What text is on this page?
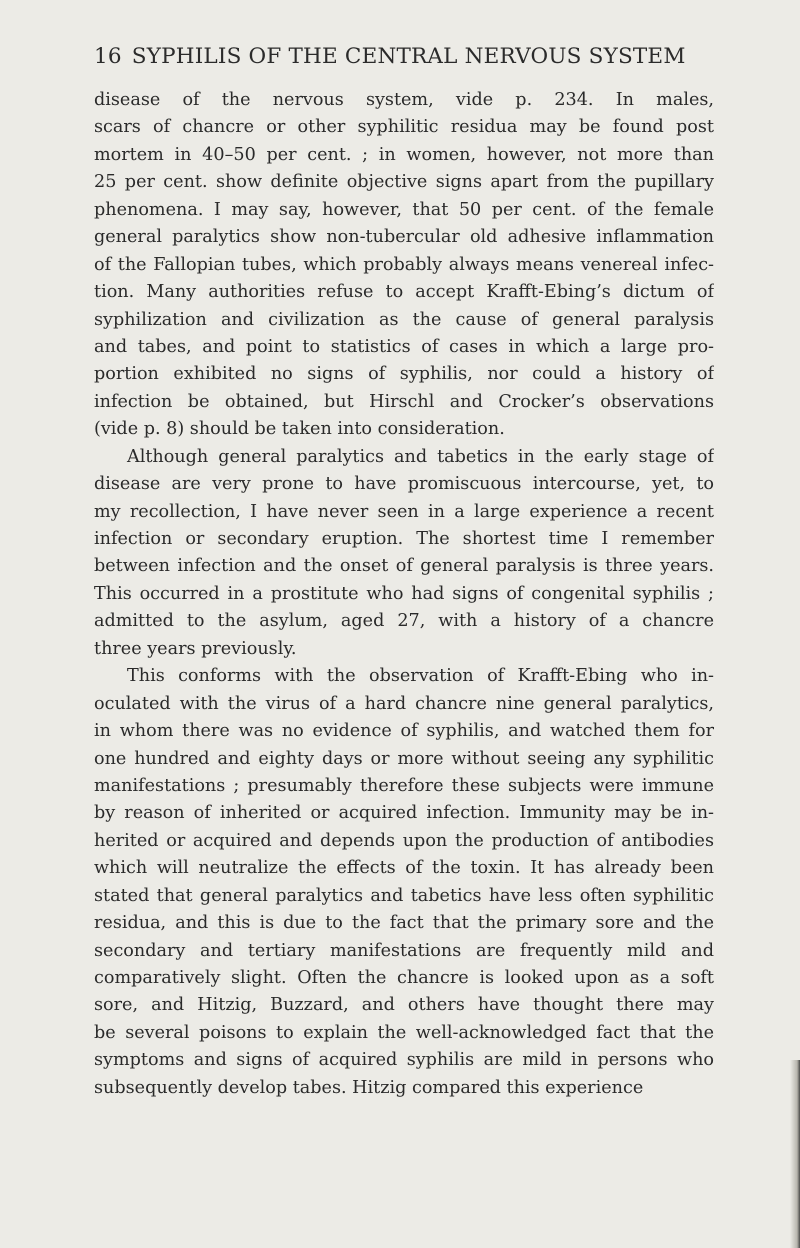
16 SYPHILIS OF THE CENTRAL NERVOUS SYSTEM
disease of the nervous system, vide p. 234. In males,
scars of chancre or other syphilitic residua may be found post
mortem in 40–50 per cent. ; in women, however, not more than
25 per cent. show definite objective signs apart from the pupillary
phenomena. I may say, however, that 50 per cent. of the female
general paralytics show non-tubercular old adhesive inflammation
of the Fallopian tubes, which probably always means venereal infec-
tion. Many authorities refuse to accept Krafft-Ebing’s dictum of
syphilization and civilization as the cause of general paralysis
and tabes, and point to statistics of cases in which a large pro-
portion exhibited no signs of syphilis, nor could a history of
infection be obtained, but Hirschl and Crocker’s observations
(vide p. 8) should be taken into consideration.
Although general paralytics and tabetics in the early stage of
disease are very prone to have promiscuous intercourse, yet, to
my recollection, I have never seen in a large experience a recent
infection or secondary eruption. The shortest time I remember
between infection and the onset of general paralysis is three years.
This occurred in a prostitute who had signs of congenital syphilis ;
admitted to the asylum, aged 27, with a history of a chancre
three years previously.
This conforms with the observation of Krafft-Ebing who in-
oculated with the virus of a hard chancre nine general paralytics,
in whom there was no evidence of syphilis, and watched them for
one hundred and eighty days or more without seeing any syphilitic
manifestations ; presumably therefore these subjects were immune
by reason of inherited or acquired infection. Immunity may be in-
herited or acquired and depends upon the production of antibodies
which will neutralize the effects of the toxin. It has already been
stated that general paralytics and tabetics have less often syphilitic
residua, and this is due to the fact that the primary sore and the
secondary and tertiary manifestations are frequently mild and
comparatively slight. Often the chancre is looked upon as a soft
sore, and Hitzig, Buzzard, and others have thought there may
be several poisons to explain the well-acknowledged fact that the
symptoms and signs of acquired syphilis are mild in persons who
subsequently develop tabes. Hitzig compared this experience
